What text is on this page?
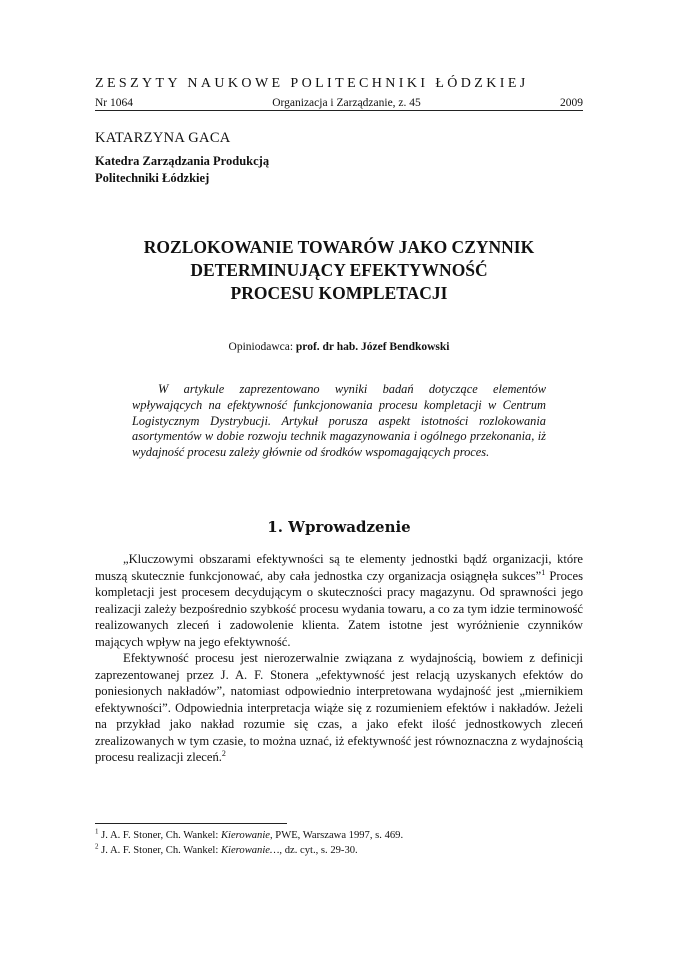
ZESZYTY NAUKOWE POLITECHNIKI ŁÓDZKIEJ
Nr 1064	Organizacja i Zarządzanie, z. 45	2009
KATARZYNA GACA
Katedra Zarządzania Produkcją
Politechniki Łódzkiej
ROZLOKOWANIE TOWARÓW JAKO CZYNNIK
DETERMINUJĄCY EFEKTYWNOŚĆ
PROCESU KOMPLETACJI
Opiniodawca: prof. dr hab. Józef Bendkowski

W artykule zaprezentowano wyniki badań dotyczące elementów wpływających na efektywność funkcjonowania procesu kompletacji w Centrum Logistycznym Dystrybucji. Artykuł porusza aspekt istotności rozlokowania asortymentów w dobie rozwoju technik magazynowania i ogólnego przekonania, iż wydajność procesu zależy głównie od środków wspomagających proces.

1. Wprowadzenie

„Kluczowymi obszarami efektywności są te elementy jednostki bądź organizacji, które muszą skutecznie funkcjonować, aby cała jednostka czy organizacja osiągnęła sukces”$^1$ Proces kompletacji jest procesem decydującym o skuteczności pracy magazynu. Od sprawności jego realizacji zależy bezpośrednio szybkość procesu wydania towaru, a co za tym idzie terminowość realizowanych zleceń i zadowolenie klienta. Zatem istotne jest wyróżnienie czynników mających wpływ na jego efektywność.

Efektywność procesu jest nierozerwalnie związana z wydajnością, bowiem z definicji zaprezentowanej przez J. A. F. Stonera „efektywność jest relacją uzyskanych efektów do poniesionych nakładów”, natomiast odpowiednio interpretowana wydajność jest „miernikiem efektywności”. Odpowiednia interpretacja wiąże się z rozumieniem efektów i nakładów. Jeżeli na przykład jako nakład rozumie się czas, a jako efekt ilość jednostkowych zleceń zrealizowanych w tym czasie, to można uznać, iż efektywność jest równoznaczna z wydajnością procesu realizacji zleceń.$^2$

$^1$ J. A. F. Stoner, Ch. Wankel: Kierowanie, PWE, Warszawa 1997, s. 469.
$^2$ J. A. F. Stoner, Ch. Wankel: Kierowanie…, dz. cyt., s. 29-30.
